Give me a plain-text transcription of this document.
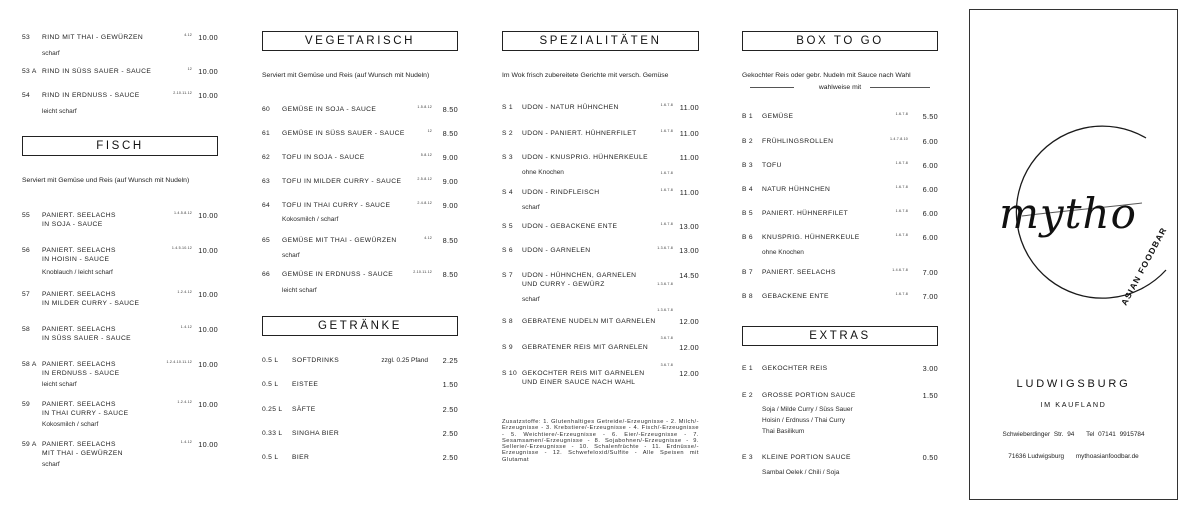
53 RIND MIT THAI - GEWÜRZEN	4.12 10.00
scharf
53 A RIND IN SÜSS SAUER - SAUCE	12 10.00
54 RIND IN ERDNUSS - SAUCE	2.10.11.12 10.00
leicht scharf
FISCH
Serviert mit Gemüse und Reis (auf Wunsch mit Nudeln)
55 PANIERT. SEELACHS
IN SOJA - SAUCE
1.4.5.8.12 10.00
56 PANIERT. SEELACHS
IN HOISIN - SAUCE
1.4.5.10.12 10.00
Knoblauch / leicht scharf
57 PANIERT. SEELACHS
IN MILDER CURRY - SAUCE
1.2.4.12 10.00
58 PANIERT. SEELACHS
IN SÜSS SAUER - SAUCE
1.4.12 10.00
58 A PANIERT. SEELACHS
IN ERDNUSS - SAUCE
1.2.4.10.11.12 10.00
leicht scharf
59 PANIERT. SEELACHS
IN THAI CURRY - SAUCE
1.2.4.12 10.00
Kokosmilch / scharf
59 A PANIERT. SEELACHS
MIT THAI - GEWÜRZEN
1.4.12 10.00
scharf
VEGETARISCH
Serviert mit Gemüse und Reis (auf Wunsch mit Nudeln)
60 GEMÜSE IN SOJA - SAUCE	1.5.8.12 8.50
61 GEMÜSE IN SÜSS SAUER - SAUCE	12 8.50
62 TOFU IN SOJA - SAUCE	5.8.12 9.00
63 TOFU IN MILDER CURRY - SAUCE	2.5.8.12 9.00
64 TOFU IN THAI CURRY - SAUCE	2.4.8.12 9.00
Kokosmilch / scharf
65 GEMÜSE MIT THAI - GEWÜRZEN	4.12 8.50
scharf
66 GEMÜSE IN ERDNUSS - SAUCE	2.10.11.12 8.50
leicht scharf
GETRÄNKE
0.5 L SOFTDRINKS	zzgl. 0.25 Pfand 2.25
0.5 L EISTEE	1.50
0.25 L SÄFTE	2.50
0.33 L SINGHA BIER	2.50
0.5 L BIER	2.50
SPEZIALITÄTEN
Im Wok frisch zubereitete Gerichte mit versch. Gemüse
S 1 UDON - NATUR HÜHNCHEN	1.6.7.8 11.00
S 2 UDON - PANIERT. HÜHNERFILET	1.6.7.8 11.00
S 3 UDON - KNUSPRIG. HÜHNERKEULE
1.6.7.8
11.00
ohne Knochen
S 4 UDON - RINDFLEISCH	1.6.7.8 11.00
scharf
S 5 UDON - GEBACKENE ENTE	1.6.7.8 13.00
S 6 UDON - GARNELEN	1.3.6.7.8 13.00
S 7 UDON - HÜHNCHEN, GARNELEN
UND CURRY - GEWÜRZ	1.3.6.7.8
14.50
scharf
S 8 GEBRATENE NUDELN MIT GARNELEN
1.3.6.7.8
12.00
S 9 GEBRATENER REIS MIT GARNELEN
3.6.7.8
12.00
S 10 GEKOCHTER REIS MIT GARNELEN
UND EINER SAUCE NACH WAHL
3.6.7.8
12.00
Zusatzstoffe: 1. Glutenhaltiges Getreide/-Erzeugnisse - 2. Milch/-Erzeugnisse - 3. Krebstiere/-Erzeugnisse - 4. Fisch/-Erzeugnisse - 5. Weichtiere/-Erzeugnisse - 6. Eier/-Erzeugnisse - 7. Sesamsamen/-Erzeugnisse - 8. Sojabohnen/-Erzeugnisse - 9. Sellerie/-Erzeugnisse - 10. Schalenfrüchte - 11. Erdnüsse/-Erzeugnisse - 12. Schwefeloxid/Sulfite - Alle Speisen mit Glutamat
BOX TO GO
Gekochter Reis oder gebr. Nudeln mit Sauce nach Wahl
wahlweise mit
B 1 GEMÜSE	1.6.7.8 5.50
B 2 FRÜHLINGSROLLEN	1.4.7.8.10 6.00
B 3 TOFU	1.6.7.8 6.00
B 4 NATUR HÜHNCHEN	1.6.7.8 6.00
B 5 PANIERT. HÜHNERFILET	1.6.7.8 6.00
B 6 KNUSPRIG. HÜHNERKEULE	1.6.7.8 6.00
ohne Knochen
B 7 PANIERT. SEELACHS	1.4.6.7.8 7.00
B 8 GEBACKENE ENTE	1.6.7.8 7.00
EXTRAS
E 1 GEKOCHTER REIS	3.00
E 2 GROSSE PORTION SAUCE	1.50
Soja / Milde Curry / Süss Sauer
Hoisin / Erdnuss / Thai Curry
Thai Basilikum
E 3 KLEINE PORTION SAUCE	0.50
Sambal Oelek / Chili / Soja
mytho
ASIAN FOODBAR
LUDWIGSBURG
IM KAUFLAND
Schwieberdinger Str. 94 Tel 07141 9915784
71636 Ludwigsburg mythoasianfoodbar.de
